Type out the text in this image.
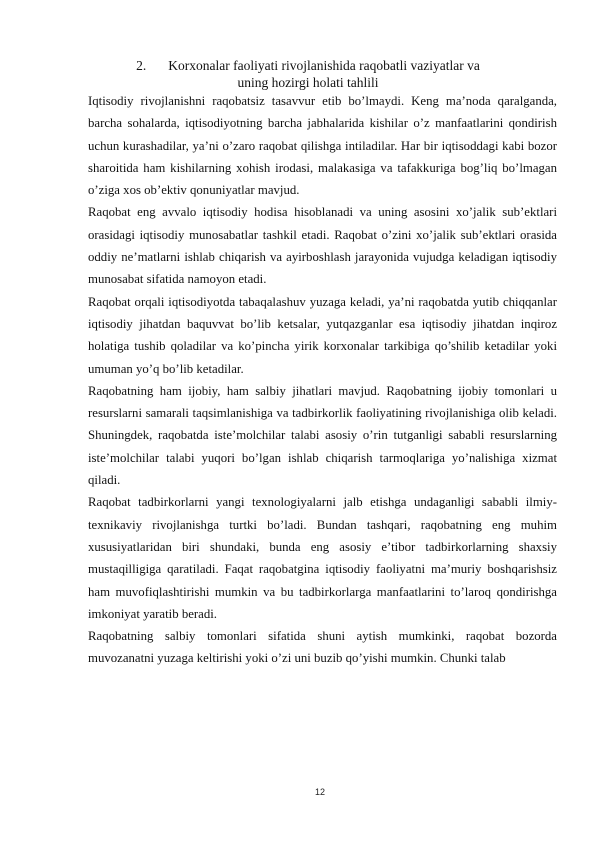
2. Korxonalar faoliyati rivojlanishida raqobatli vaziyatlar va
uning hozirgi holati tahlili

Iqtisodiy rivojlanishni raqobatsiz tasavvur etib bo’lmaydi. Keng ma’noda qaralganda, barcha sohalarda, iqtisodiyotning barcha jabhalarida kishilar o’z manfaatlarini qondirish uchun kurashadilar, ya’ni o’zaro raqobat qilishga intiladilar. Har bir iqtisoddagi kabi bozor sharoitida ham kishilarning xohish irodasi, malakasiga va tafakkuriga bog’liq bo’lmagan o’ziga xos ob’ektiv qonuniyatlar mavjud.

Raqobat eng avvalo iqtisodiy hodisa hisoblanadi va uning asosini xo’jalik sub’ektlari orasidagi iqtisodiy munosabatlar tashkil etadi. Raqobat o’zini xo’jalik sub’ektlari orasida oddiy ne’matlarni ishlab chiqarish va ayirboshlash jarayonida vujudga keladigan iqtisodiy munosabat sifatida namoyon etadi.

Raqobat orqali iqtisodiyotda tabaqalashuv yuzaga keladi, ya’ni raqobatda yutib chiqqanlar iqtisodiy jihatdan baquvvat bo’lib ketsalar, yutqazganlar esa iqtisodiy jihatdan inqiroz holatiga tushib qoladilar va ko’pincha yirik korxonalar tarkibiga qo’shilib ketadilar yoki umuman yo’q bo’lib ketadilar.

Raqobatning ham ijobiy, ham salbiy jihatlari mavjud. Raqobatning ijobiy tomonlari u resurslarni samarali taqsimlanishiga va tadbirkorlik faoliyatining rivojlanishiga olib keladi. Shuningdek, raqobatda iste’molchilar talabi asosiy o’rin tutganligi sababli resurslarning iste’molchilar talabi yuqori bo’lgan ishlab chiqarish tarmoqlariga yo’nalishiga xizmat qiladi.

Raqobat tadbirkorlarni yangi texnologiyalarni jalb etishga undaganligi sababli ilmiy-texnikaviy rivojlanishga turtki bo’ladi. Bundan tashqari, raqobatning eng muhim xususiyatlaridan biri shundaki, bunda eng asosiy e’tibor tadbirkorlarning shaxsiy mustaqilligiga qaratiladi. Faqat raqobatgina iqtisodiy faoliyatni ma’muriy boshqarishsiz ham muvofiqlashtirishi mumkin va bu tadbirkorlarga manfaatlarini to’laroq qondirishga imkoniyat yaratib beradi.

Raqobatning salbiy tomonlari sifatida shuni aytish mumkinki, raqobat bozorda muvozanatni yuzaga keltirishi yoki o’zi uni buzib qo’yishi mumkin. Chunki talab

12
